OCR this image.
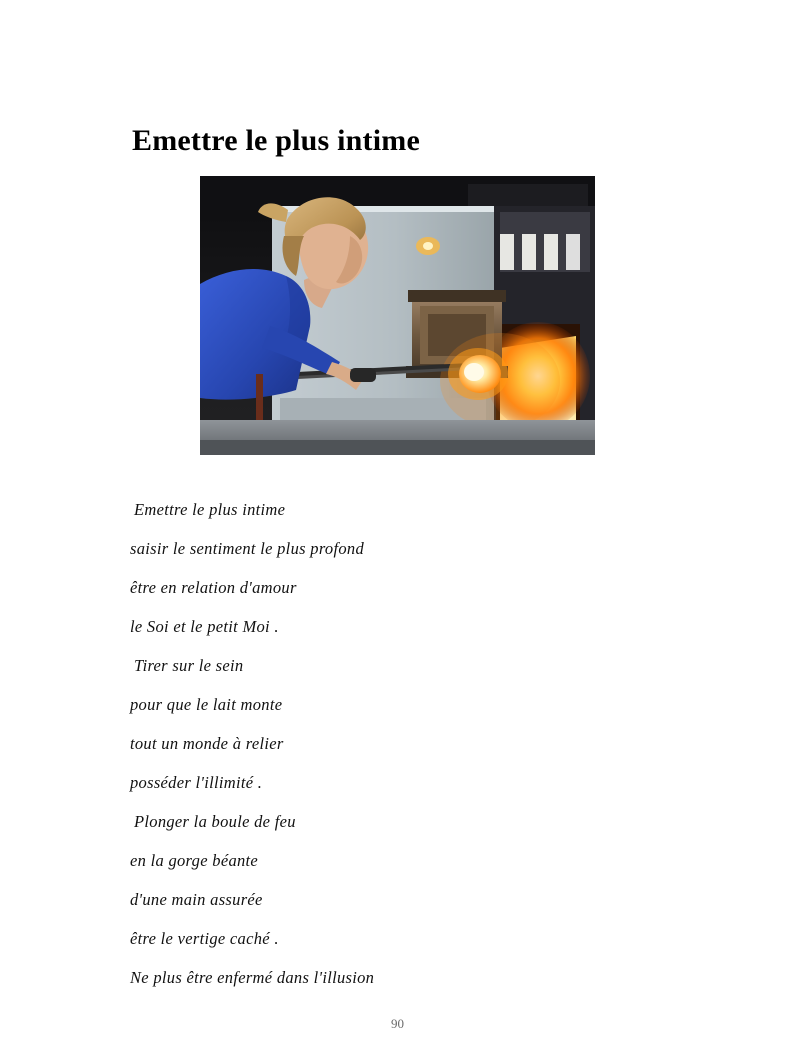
Emettre le plus intime
Emettre le plus intime
saisir le sentiment le plus profond
être en relation d'amour
le Soi et le petit Moi .
Tirer sur le sein
pour que le lait monte
tout un monde à relier
posséder l'illimité .
Plonger la boule de feu
en la gorge béante
d'une main assurée
être le vertige caché .
Ne plus être enfermé dans l'illusion
90
